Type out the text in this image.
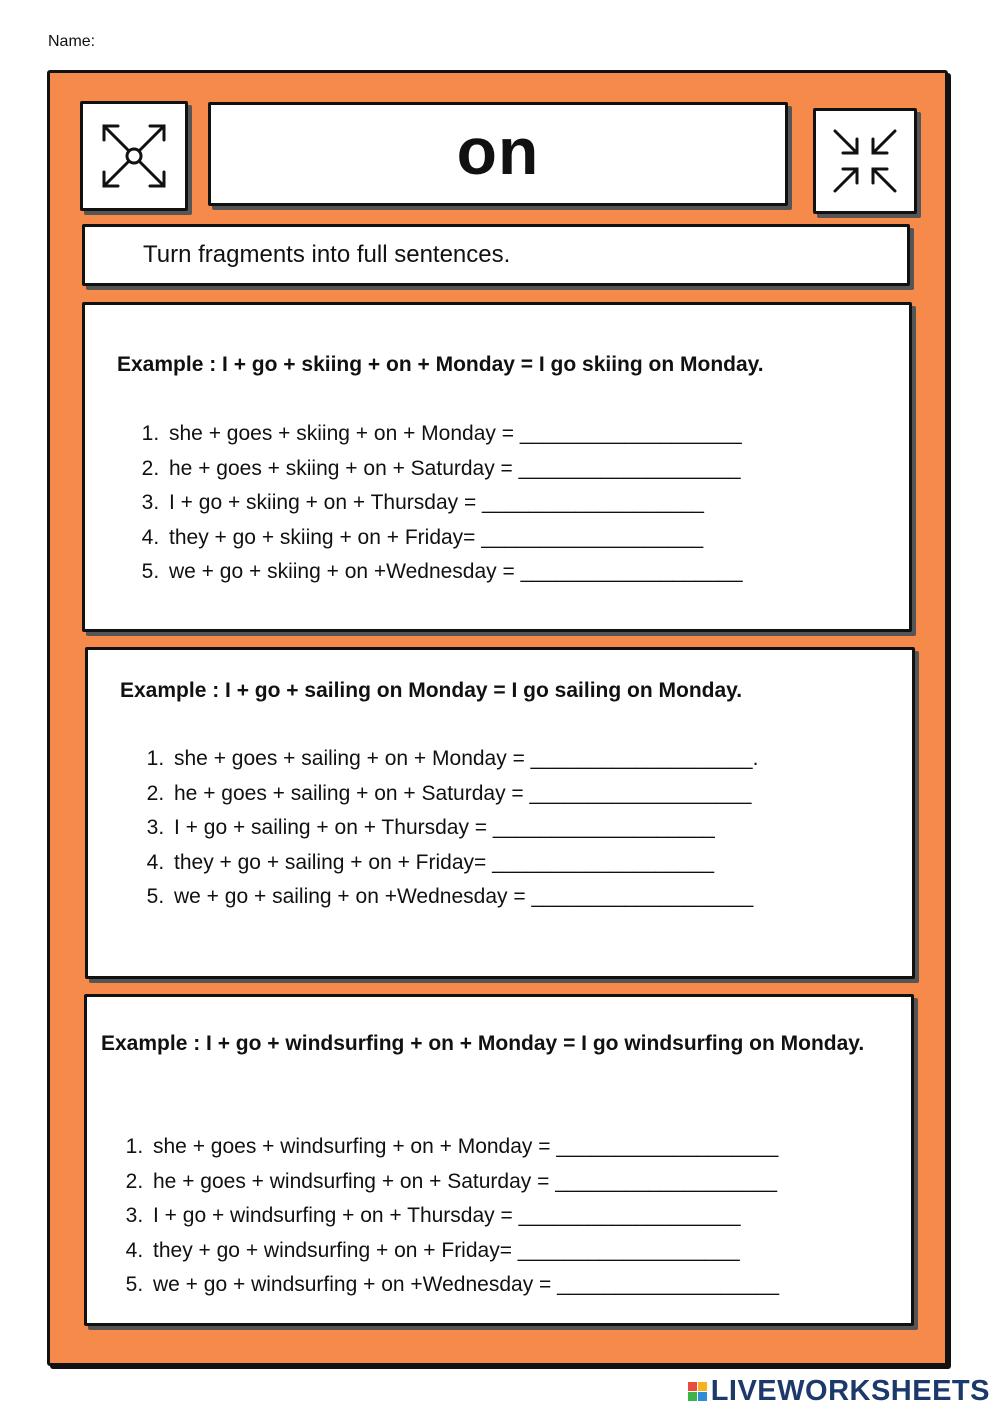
Name:
on
Turn fragments into full sentences.
Example : I + go + skiing + on + Monday = I go skiing on Monday.
1. she + goes + skiing + on + Monday = ___________________
2. he + goes + skiing + on + Saturday = ___________________
3. I + go + skiing + on + Thursday = ___________________
4. they + go + skiing + on + Friday= ___________________
5. we + go + skiing + on +Wednesday = ___________________
Example : I + go + sailing on Monday = I go sailing on Monday.
1. she + goes + sailing + on + Monday = ___________________.
2. he + goes + sailing + on + Saturday = ___________________
3. I + go + sailing + on + Thursday = ___________________
4. they + go + sailing + on + Friday= ___________________
5. we + go + sailing + on +Wednesday = ___________________
Example : I + go + windsurfing + on + Monday = I go windsurfing on Monday.
1. she + goes + windsurfing + on + Monday = ___________________
2. he + goes + windsurfing + on + Saturday = ___________________
3. I + go + windsurfing + on + Thursday = ___________________
4. they + go + windsurfing + on + Friday= ___________________
5. we + go + windsurfing + on +Wednesday = ___________________
LIVEWORKSHEETS
